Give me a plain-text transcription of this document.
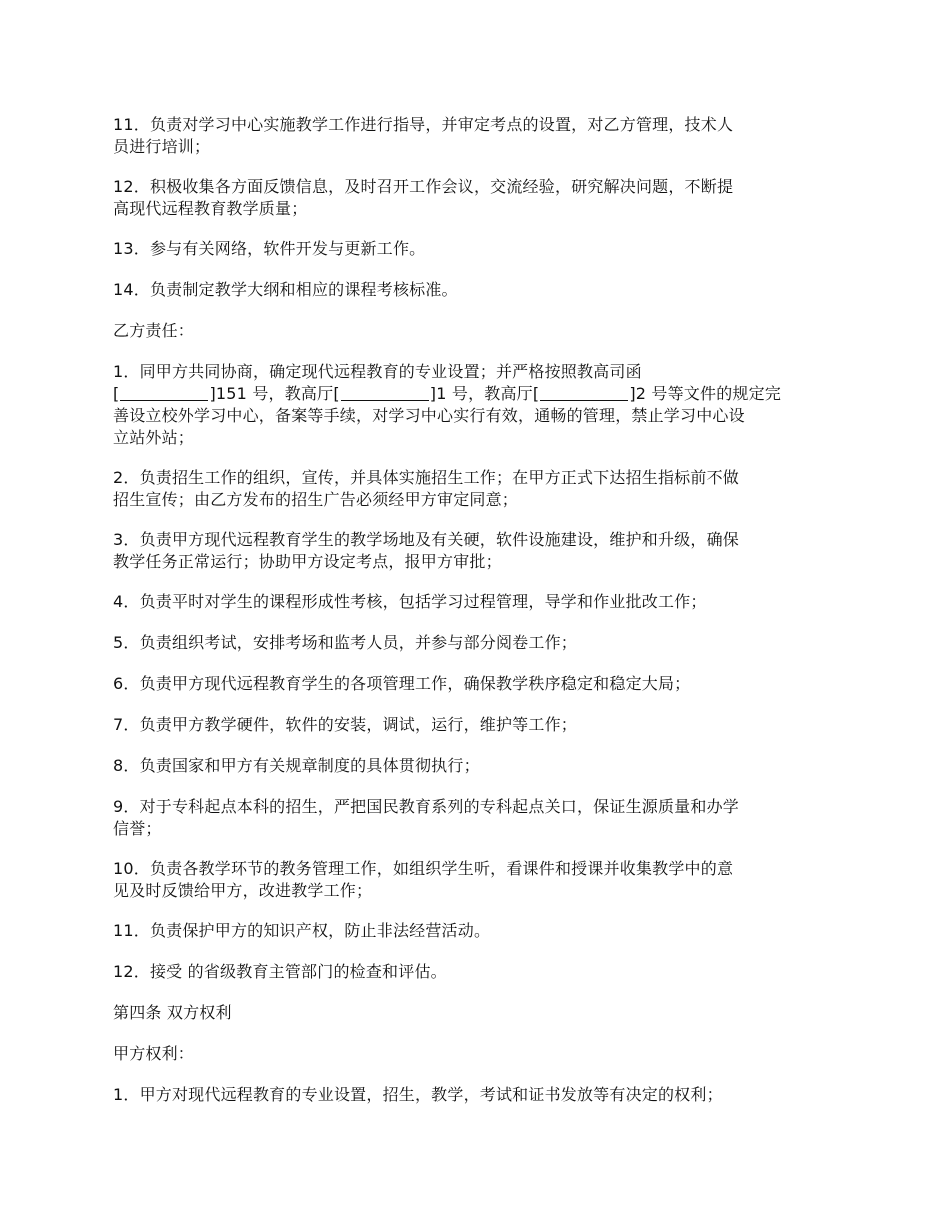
11．负责对学习中心实施教学工作进行指导，并审定考点的设置，对乙方管理，技术人
员进行培训；

12．积极收集各方面反馈信息，及时召开工作会议，交流经验，研究解决问题，不断提
高现代远程教育教学质量；

13．参与有关网络，软件开发与更新工作。

14．负责制定教学大纲和相应的课程考核标准。

乙方责任：

1．同甲方共同协商，确定现代远程教育的专业设置；并严格按照教高司函
[	]151 号，教高厅[	]1 号，教高厅[	]2 号等文件的规定完
善设立校外学习中心，备案等手续，对学习中心实行有效，通畅的管理，禁止学习中心设
立站外站；

2．负责招生工作的组织，宣传，并具体实施招生工作；在甲方正式下达招生指标前不做
招生宣传；由乙方发布的招生广告必须经甲方审定同意；

3．负责甲方现代远程教育学生的教学场地及有关硬，软件设施建设，维护和升级，确保
教学任务正常运行；协助甲方设定考点，报甲方审批；

4．负责平时对学生的课程形成性考核，包括学习过程管理，导学和作业批改工作；

5．负责组织考试，安排考场和监考人员，并参与部分阅卷工作；

6．负责甲方现代远程教育学生的各项管理工作，确保教学秩序稳定和稳定大局；

7．负责甲方教学硬件，软件的安装，调试，运行，维护等工作；

8．负责国家和甲方有关规章制度的具体贯彻执行；

9．对于专科起点本科的招生，严把国民教育系列的专科起点关口，保证生源质量和办学
信誉；

10．负责各教学环节的教务管理工作，如组织学生听，看课件和授课并收集教学中的意
见及时反馈给甲方，改进教学工作；

11．负责保护甲方的知识产权，防止非法经营活动。

12．接受 的省级教育主管部门的检查和评估。

第四条 双方权利

甲方权利：

1．甲方对现代远程教育的专业设置，招生，教学，考试和证书发放等有决定的权利；
